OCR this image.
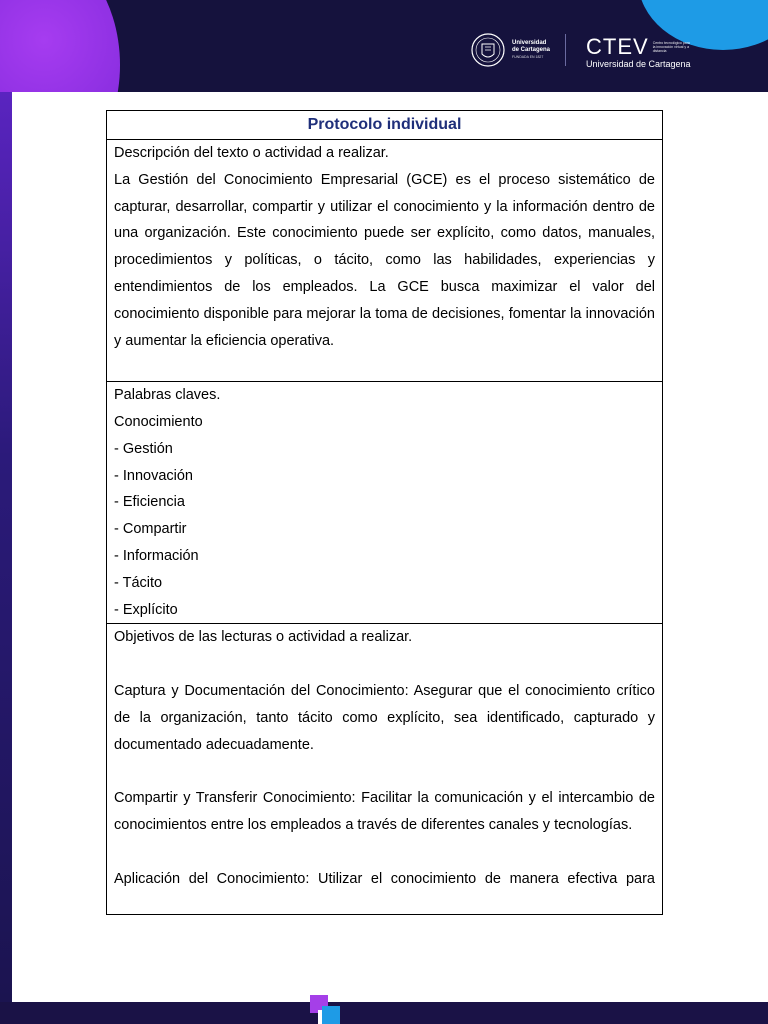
Universidad
de Cartagena
FUNDADA EN 1827	CTEV Centro tecnológico para la innovación virtual y a distancia
Universidad de Cartagena
Protocolo individual

Descripción del texto o actividad a realizar.
La Gestión del Conocimiento Empresarial (GCE) es el proceso sistemático de capturar, desarrollar, compartir y utilizar el conocimiento y la información dentro de una organización. Este conocimiento puede ser explícito, como datos, manuales, procedimientos y políticas, o tácito, como las habilidades, experiencias y entendimientos de los empleados. La GCE busca maximizar el valor del conocimiento disponible para mejorar la toma de decisiones, fomentar la innovación y aumentar la eficiencia operativa.

Palabras claves.
Conocimiento
- Gestión
- Innovación
- Eficiencia
- Compartir
- Información
- Tácito
- Explícito

Objetivos de las lecturas o actividad a realizar.
Captura y Documentación del Conocimiento: Asegurar que el conocimiento crítico de la organización, tanto tácito como explícito, sea identificado, capturado y documentado adecuadamente.
Compartir y Transferir Conocimiento: Facilitar la comunicación y el intercambio de conocimientos entre los empleados a través de diferentes canales y tecnologías.
Aplicación del Conocimiento: Utilizar el conocimiento de manera efectiva para
